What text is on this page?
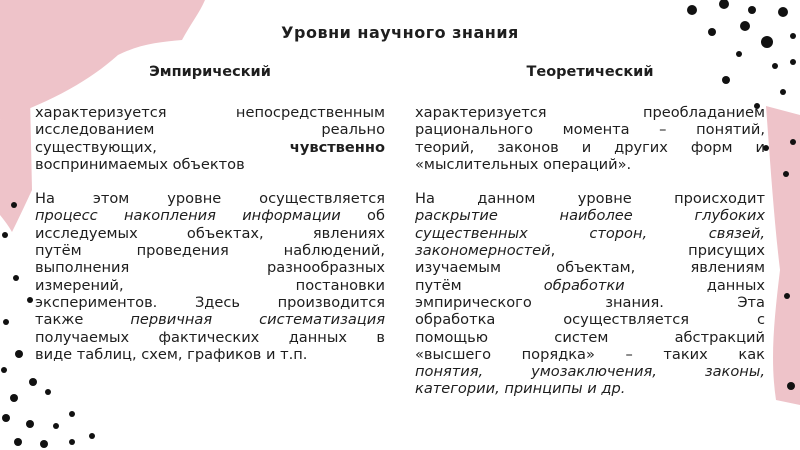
Уровни научного знания
Эмпирический	Теоретический

характеризуется непосредственным
исследованием реально
существующих, чувственно
воспринимаемых объектов

На этом уровне осуществляется
процесс накопления информации об
исследуемых объектах, явлениях
путём проведения наблюдений,
выполнения разнообразных
измерений, постановки
экспериментов. Здесь производится
также первичная систематизация
получаемых фактических данных в
виде таблиц, схем, графиков и т.п.

характеризуется преобладанием
рационального момента – понятий,
теорий, законов и других форм и
«мыслительных операций».

На данном уровне происходит
раскрытие наиболее глубоких
существенных сторон, связей,
закономерностей, присущих
изучаемым объектам, явлениям
путём обработки данных
эмпирического знания. Эта
обработка осуществляется с
помощью систем абстракций
«высшего порядка» – таких как
понятия, умозаключения, законы,
категории, принципы и др.
